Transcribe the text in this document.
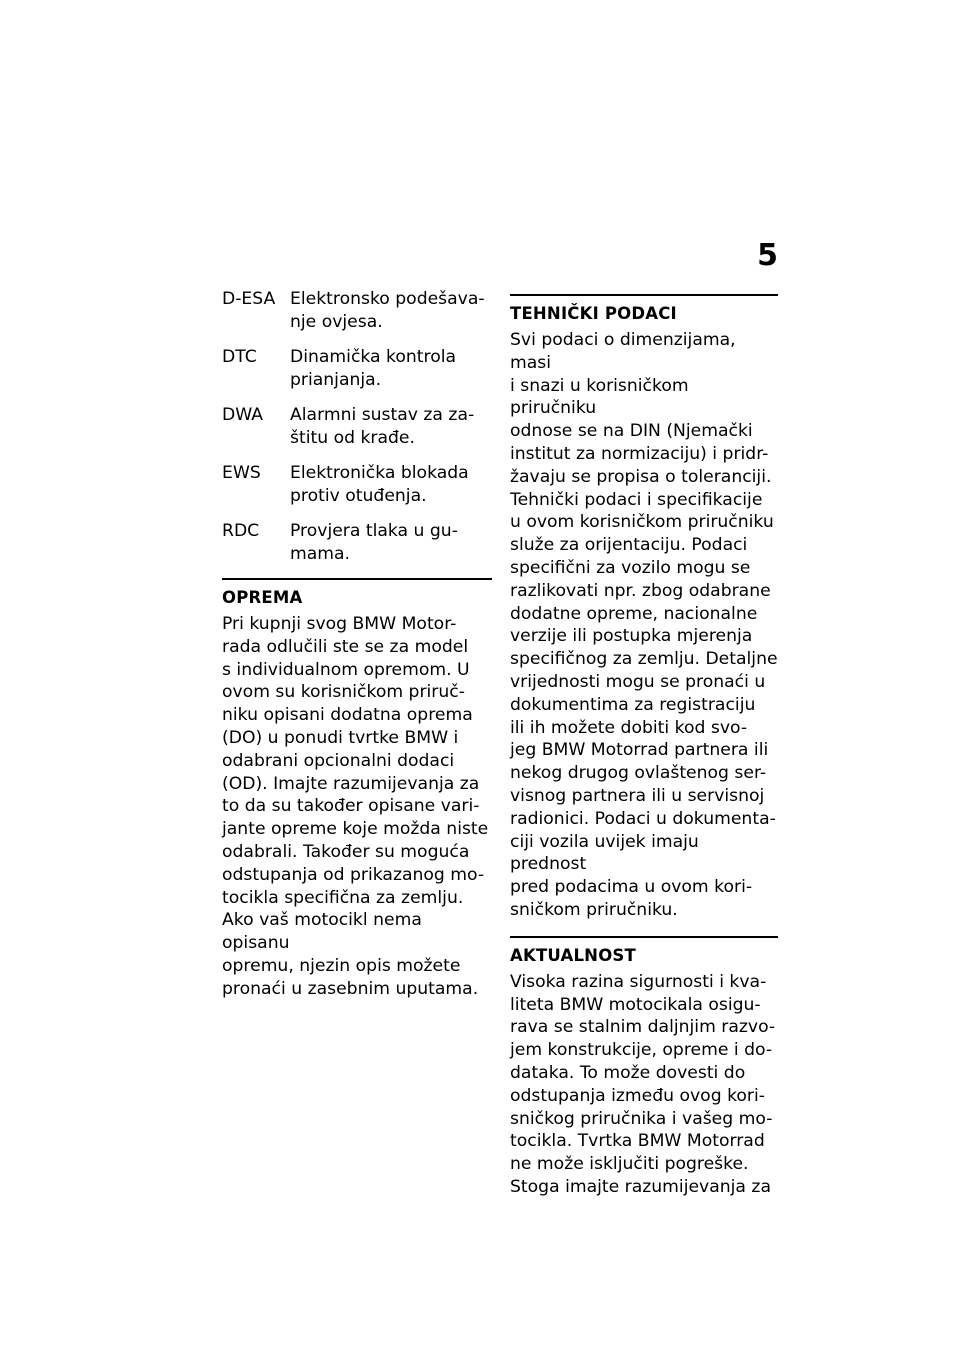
5
D-ESA Elektronsko podešava-
nje ovjesa.
DTC	Dinamička kontrola
prianjanja.
DWA	Alarmni sustav za za-
štitu od krađe.
EWS	Elektronička blokada
protiv otuđenja.
RDC	Provjera tlaka u gu-
mama.
OPREMA

Pri kupnji svog BMW Motor-
rada odlučili ste se za model
s individualnom opremom. U
ovom su korisničkom priruč-
niku opisani dodatna oprema
(DO) u ponudi tvrtke BMW i
odabrani opcionalni dodaci
(OD). Imajte razumijevanja za
to da su također opisane vari-
jante opreme koje možda niste
odabrali. Također su moguća
odstupanja od prikazanog mo-
tocikla specifična za zemlju.
Ako vaš motocikl nema opisanu
opremu, njezin opis možete
pronaći u zasebnim uputama.

TEHNIČKI PODACI

Svi podaci o dimenzijama, masi
i snazi u korisničkom priručniku
odnose se na DIN (Njemački
institut za normizaciju) i pridr-
žavaju se propisa o toleranciji.
Tehnički podaci i specifikacije
u ovom korisničkom priručniku
služе za orijentaciju. Podaci
specifični za vozilo mogu se
razlikovati npr. zbog odabrane
dodatne opreme, nacionalne
verzije ili postupka mjerenja
specifičnog za zemlju. Detaljne
vrijednosti mogu se pronaći u
dokumentima za registraciju
ili ih možete dobiti kod svo-
jeg BMW Motorrad partnera ili
nekog drugog ovlaštenog ser-
visnog partnera ili u servisnoj
radionici. Podaci u dokumenta-
ciji vozila uvijek imaju prednost
pred podacima u ovom kori-
sničkom priručniku.

AKTUALNOST

Visoka razina sigurnosti i kva-
liteta BMW motocikala osigu-
rava se stalnim daljnjim razvo-
jem konstrukcije, opreme i do-
dataka. To može dovesti do
odstupanja između ovog kori-
sničkog priručnika i vašeg mo-
tocikla. Tvrtka BMW Motorrad
ne može isključiti pogreške.
Stoga imajte razumijevanja za
